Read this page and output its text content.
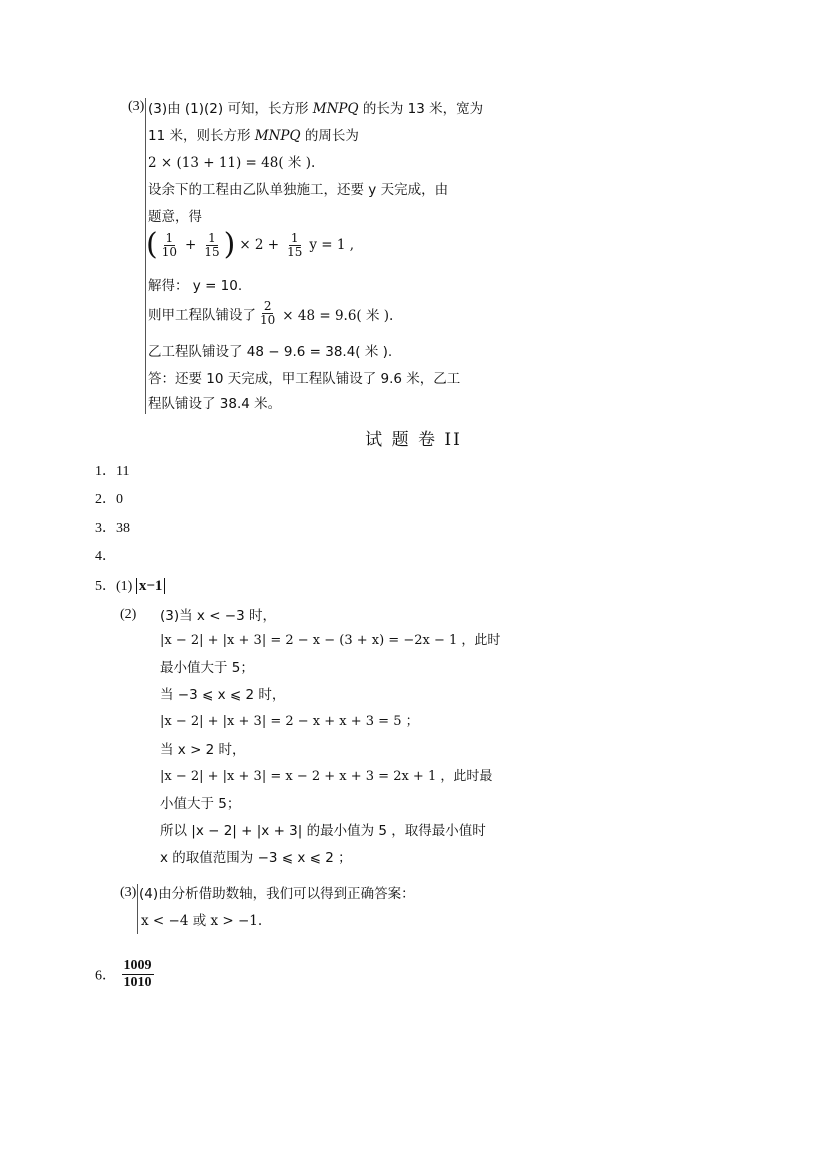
(3) (3)由 (1)(2) 可知，长方形 MNPQ 的长为 13 米，宽为
11 米，则长方形 MNPQ 的周长为
2 × (13 + 11) = 48( 米 ).
设余下的工程由乙队单独施工，还要 y 天完成，由
题意，得
( $\frac{1}{10} + \frac{1}{15}$ ) × $2 + \frac{1}{15}$ y = 1 ,
解得： y = 10.
则甲工程队铺设了 $\frac{2}{10} \times 48 = 9.6$( 米 ).
乙工程队铺设了 48 − 9.6 = 38.4( 米 ).
答：还要 10 天完成，甲工程队铺设了 9.6 米，乙工
程队铺设了 38.4 米。
试 题 卷 II
1．11
2．0
3．38
4．
5．(1) x−1
(2) (3)当 x < −3 时，
|x − 2| + |x + 3| = 2 − x − (3 + x) = −2x − 1 ，此时
最小值大于 5；
当 −3 ⩽ x ⩽ 2 时，
|x − 2| + |x + 3| = 2 − x + x + 3 = 5 ；
当 x > 2 时，
|x − 2| + |x + 3| = x − 2 + x + 3 = 2x + 1 ，此时最
小值大于 5；
所以 |x − 2| + |x + 3| 的最小值为 5 ，取得最小值时
x 的取值范围为 −3 ⩽ x ⩽ 2 ；
(3) (4)由分析借助数轴，我们可以得到正确答案：
x < −4 或 x > −1.
6． $\frac{1009}{1010}$
